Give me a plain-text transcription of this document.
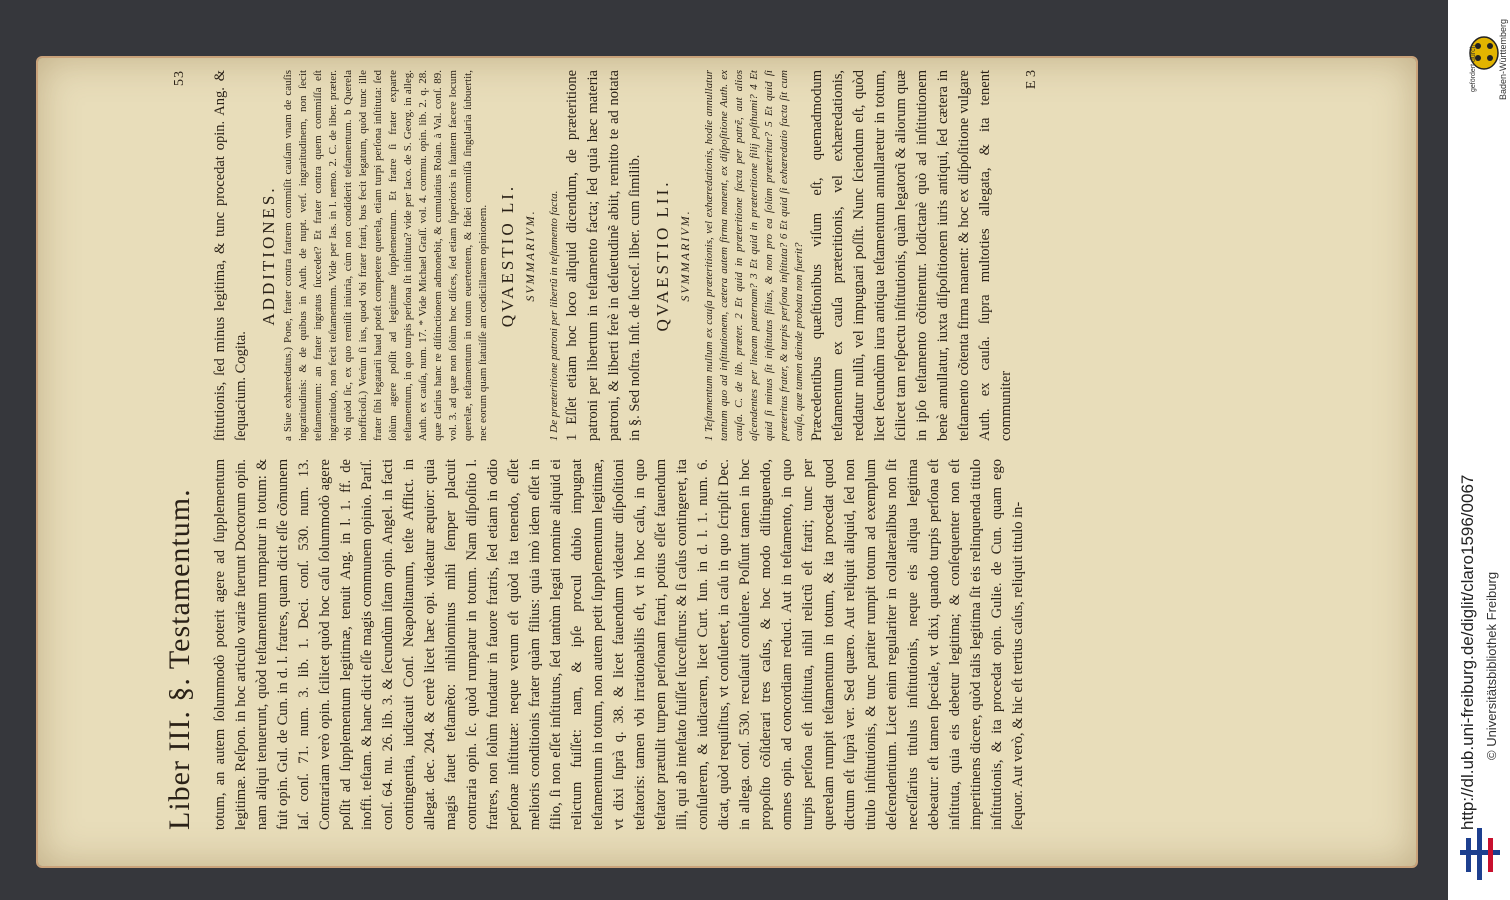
Liber III. §. Testamentum.
53

totum, an autem ſolummodò poterit agere ad ſupplementum legitimæ. Reſpon. in hoc articulo variæ fuerunt Doctorum opin. nam aliqui tenuerunt, quòd teſtamentum rumpatur in totum: & fuit opin. Gul. de Cun. in d. l. fratres, quam dicit eſſe cõmunem Iaſ. conſ. 71. num. 3. lib. 1. Deci. conſ. 530. num. 13. Contrariam verò opin. ſcilicet quòd hoc caſu ſolummodò agere poſſit ad ſupplementum legitimæ, tenuit Ang. in l. 1. ff. de inoffi. teſtam. & hanc dicit eſſe magis communem opinio. Pariſ. conſ. 64. nu. 26. lib. 3. & ſecundùm iſtam opin. Angel. in facti contingentia, iudicauit Conſ. Neapolitanum, teſte Afflict. in allegat. dec. 204. & certè licet hæc opi. videatur æquior: quia magis fauet teſtamẽto: nihilominus mihi ſemper placuit contraria opin. ſc. quòd rumpatur in totum. Nam diſpoſitio l. fratres, non ſolùm fundatur in fauore fratris, ſed etiam in odio perſonæ inſtitutæ: neque verum eſt quòd ita tenendo, eſſet melioris conditionis frater quàm filius: quia imò idem eſſet in filio, ſi non eſſet inſtitutus, ſed tantùm legati nomine aliquid ei relictum fuiſſet: nam, & ipſe procul dubio impugnat teſtamentum in totum, non autem petit ſupplementum legitimæ, vt dixi ſuprà q. 38. & licet fauendum videatur diſpoſitioni teſtatoris: tamen vbi irrationabilis eſt, vt in hoc caſu, in quo teſtator prætulit turpem perſonam fratri, potius eſſet fauendum illi, qui ab inteſtato fuiſſet ſucceſſurus: & ſi caſus contingeret, ita conſulerem, & iudicarem, licet Curt. Iun. in d. l. 1. num. 6. dicat, quòd requiſitus, vt conſuleret, in caſu in quo ſcripſit Dec. in allega. conſ. 530. recuſauit conſulere. Poſſunt tamen in hoc propoſito cõſiderari tres caſus, & hoc modo diſtinguendo, omnes opin. ad concordiam reduci. Aut in teſtamento, in quo turpis perſona eſt inſtituta, nihil relictũ eſt fratri; tunc per querelam rumpit teſtamentum in totum, & ita procedat quod dictum eſt ſuprà ver. Sed quæro. Aut reliquit aliquid, ſed non titulo inſtitutionis, & tunc pariter rumpit totum ad exemplum deſcendentium. Licet enim regulariter in collateralibus non ſit neceſſarius titulus inſtitutionis, neque eis aliqua legitima debeatur: eſt tamen ſpeciale, vt dixi, quando turpis perſona eſt inſtituta, quia eis debetur legitima; & conſequenter non eſt imperitinens dicere, quòd talis legitima ſit eis relinquenda titulo inſtitutionis, & ita procedat opin. Gulie. de Cun. quam ego ſequor. Aut verò, & hic eſt tertius caſus, reliquit titulo in-

ſtitutionis, ſed minus legitima, & tunc procedat opin. Ang. & ſequacium. Cogita.

ADDITIONES. a Siue exhæredatus.) Pone, frater contra fratrem commiſit cauſam vnam de cauſis ingratitudinis: & de quibus in Auth. de nupt. verſ. ingratitudinem, non ſecit teſtamentum: an frater ingratus ſuccedet? Et frater contra quem commiſſa eſt ingratitudo, non fecit teſtamentum. Vide per Ias. in l. nemo. 2. C. de liber. præter. vbi quòd ſic, ex quo remiſit iniuria, cùm non condiderit teſtamentum. b Querela inofficioſi.) Verùm ſi ius, quod vbi frater fratri, bus fecit legatum, quòd tunc ille frater ſibi legatarii haud poteſt competere querela, etiam turpi perſona inſtituta: ſed ſolùm agere poſſit ad legitimæ ſupplementum. Et fratre ſi frater exparte teſtamentum, in quo turpis perſona ſit inſtituta? vide per Iaco. de S. Georg. in alleg. Auth. ex cauſa, num. 17. * Vide Michael Graſſ. vol. 4. commu. opin. lib. 2. q. 28. quæ clarius hanc re diſtinctionem admonebit, & cumulatius Rolan. à Val. conſ. 89. vol. 3. ad quæ non ſolùm hoc diſces, ſed etiam ſuperioris in ſtantem facere locum querelæ, teſtamentum in totum euertentem, & fidei commiſſa ſingularia ſubuertit, nec eorum quam ſtatuiſſe am codicillarem opinionem. QVAESTIO LI. SVMMARIVM.	1 De præteritione patroni per libertũ in teſtamento facta. 1 Eſſet etiam hoc loco aliquid dicendum, de præteritione patroni per libertum in teſtamento facta; ſed quia hæc materia patroni, & liberti ferè in deſuetudinẽ abiit, remitto te ad notata in §. Sed noſtra. Inſt. de ſucceſ. liber. cum ſimilib. QVAESTIO LII. SVMMARIVM.	1 Teſtamentum nullum ex cauſa præteritionis, vel exhæredationis, hodie annullatur tantum quo ad inſtitutionem, cætera autem firma manent, ex diſpoſitione Auth. ex cauſa. C. de lib. præter. 2 Et quid in præteritione facta per patrẽ, aut alios aſcendentes per lineam paternam? 3 Et quid in præteritione filij poſthumi? 4 Et quid ſi minus ſit inſtitutus filius, & non pro ea ſolùm præteritur? 5 Et quid ſi præteritus frater, & turpis perſona inſtituta? 6 Et quid ſi exhæredatio facta ſit cum cauſa, quæ tamen deinde probata non fuerit? Præcedentibus quæſtionibus viſum eſt, quemadmodum teſtamentum ex cauſa præteritionis, vel exhæredationis, reddatur nullũ, vel impugnari poſſit. Nunc ſciendum eſt, quòd licet ſecundùm iura antiqua teſtamentum annullaretur in totum, ſcilicet tam reſpectu inſtitutionis, quàm legatorũ & aliorum quæ in ipſo teſtamento cõtinentur. Iodictanè quò ad inſtitutionem benè annullatur, iuxta diſpoſitionem iuris antiqui, ſed cætera in teſtamento cõtenta firma manent: & hoc ex diſpoſitione vulgare Auth. ex cauſa. ſupra multoties allegata, & ita tenent communiter

E 3	gefördert durch Baden-Württemberg
http://dl.ub.uni-freiburg.de/diglit/claro1596/0067 © Universitätsbibliothek Freiburg
